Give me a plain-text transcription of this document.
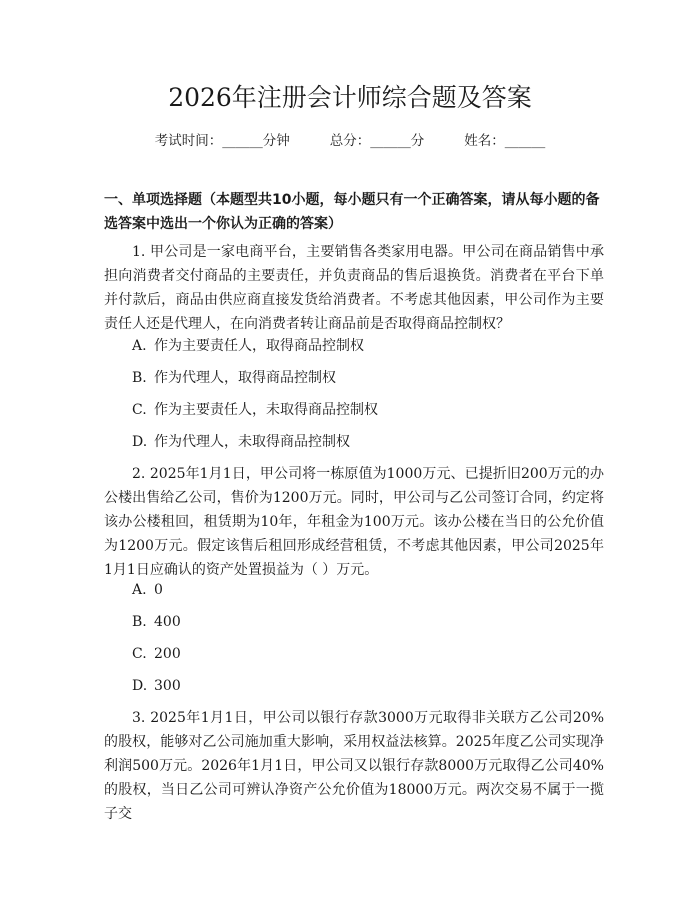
2026年注册会计师综合题及答案
考试时间：______分钟	总分：______分	姓名：______

一、单项选择题（本题型共10小题，每小题只有一个正确答案，请从每小题的备选答案中选出一个你认为正确的答案）

1. 甲公司是一家电商平台，主要销售各类家用电器。甲公司在商品销售中承担向消费者交付商品的主要责任，并负责商品的售后退换货。消费者在平台下单并付款后，商品由供应商直接发货给消费者。不考虑其他因素，甲公司作为主要责任人还是代理人，在向消费者转让商品前是否取得商品控制权？

A. 作为主要责任人，取得商品控制权
B. 作为代理人，取得商品控制权
C. 作为主要责任人，未取得商品控制权
D. 作为代理人，未取得商品控制权

2. 2025年1月1日，甲公司将一栋原值为1000万元、已提折旧200万元的办公楼出售给乙公司，售价为1200万元。同时，甲公司与乙公司签订合同，约定将该办公楼租回，租赁期为10年，年租金为100万元。该办公楼在当日的公允价值为1200万元。假定该售后租回形成经营租赁，不考虑其他因素，甲公司2025年1月1日应确认的资产处置损益为（ ）万元。

A. 0
B. 400
C. 200
D. 300

3. 2025年1月1日，甲公司以银行存款3000万元取得非关联方乙公司20%的股权，能够对乙公司施加重大影响，采用权益法核算。2025年度乙公司实现净利润500万元。2026年1月1日，甲公司又以银行存款8000万元取得乙公司40%的股权，当日乙公司可辨认净资产公允价值为18000万元。两次交易不属于一揽子交
